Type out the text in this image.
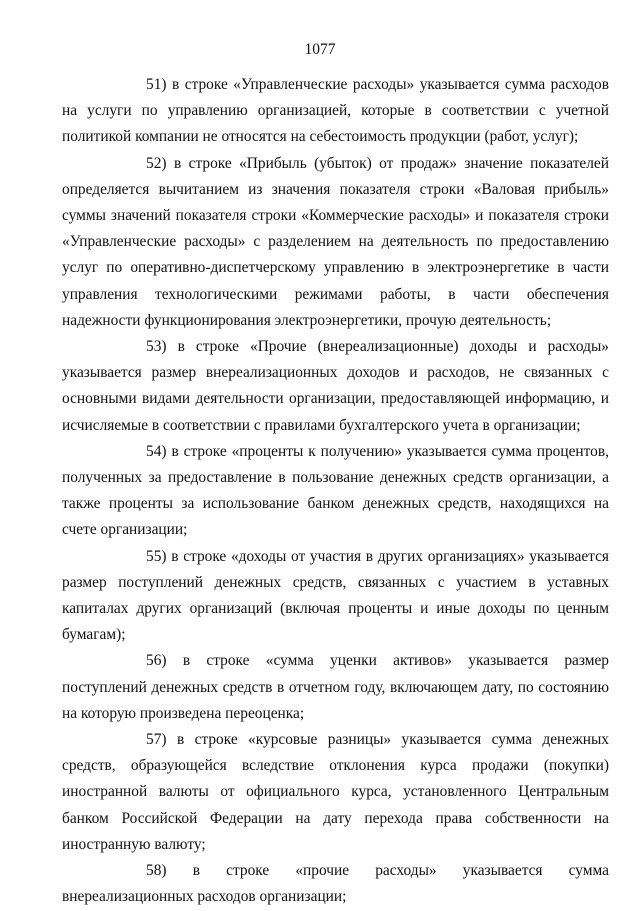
1077

51) в строке «Управленческие расходы» указывается сумма расходов на услуги по управлению организацией, которые в соответствии с учетной политикой компании не относятся на себестоимость продукции (работ, услуг);

52) в строке «Прибыль (убыток) от продаж» значение показателей определяется вычитанием из значения показателя строки «Валовая прибыль» суммы значений показателя строки «Коммерческие расходы» и показателя строки «Управленческие расходы» с разделением на деятельность по предоставлению услуг по оперативно-диспетчерскому управлению в электроэнергетике в части управления технологическими режимами работы, в части обеспечения надежности функционирования электроэнергетики, прочую деятельность;

53) в строке «Прочие (внереализационные) доходы и расходы» указывается размер внереализационных доходов и расходов, не связанных с основными видами деятельности организации, предоставляющей информацию, и исчисляемые в соответствии с правилами бухгалтерского учета в организации;

54) в строке «проценты к получению» указывается сумма процентов, полученных за предоставление в пользование денежных средств организации, а также проценты за использование банком денежных средств, находящихся на счете организации;

55) в строке «доходы от участия в других организациях» указывается размер поступлений денежных средств, связанных с участием в уставных капиталах других организаций (включая проценты и иные доходы по ценным бумагам);

56) в строке «сумма уценки активов» указывается размер поступлений денежных средств в отчетном году, включающем дату, по состоянию на которую произведена переоценка;

57) в строке «курсовые разницы» указывается сумма денежных средств, образующейся вследствие отклонения курса продажи (покупки) иностранной валюты от официального курса, установленного Центральным банком Российской Федерации на дату перехода права собственности на иностранную валюту;

58) в строке «прочие расходы» указывается сумма внереализационных расходов организации;
